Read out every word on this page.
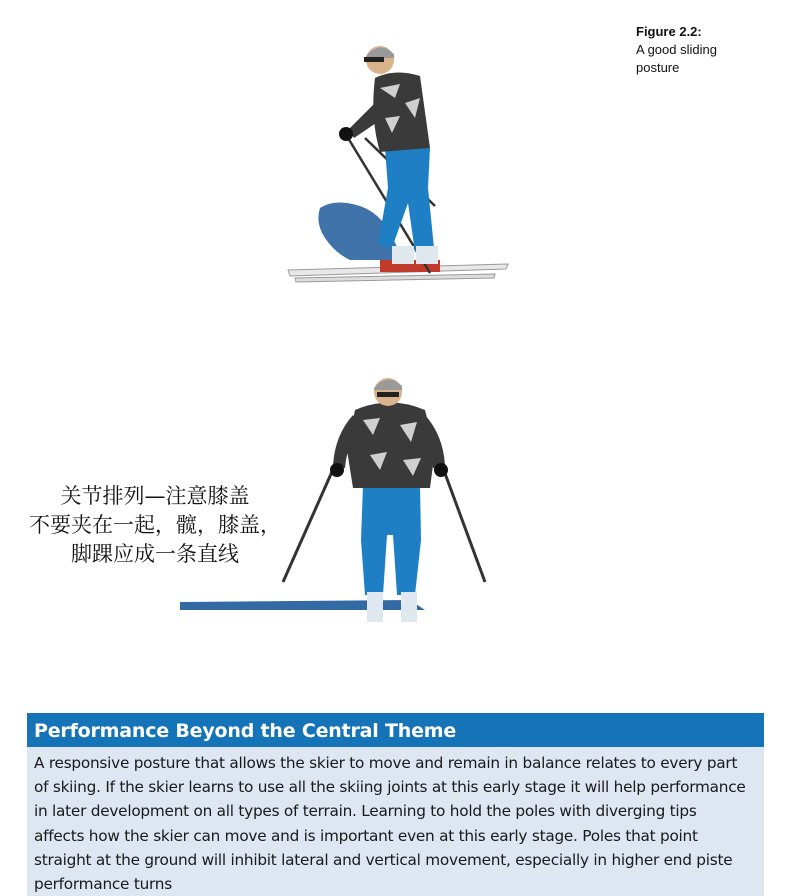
Figure 2.2:
A good sliding
posture
关节排列—注意膝盖
不要夹在一起，髋，膝盖，
脚踝应成一条直线
Performance Beyond the Central Theme
A responsive posture that allows the skier to move and remain in balance relates to every part
of skiing. If the skier learns to use all the skiing joints at this early stage it will help performance
in later development on all types of terrain. Learning to hold the poles with diverging tips
affects how the skier can move and is important even at this early stage. Poles that point
straight at the ground will inhibit lateral and vertical movement, especially in higher end piste
performance turns
